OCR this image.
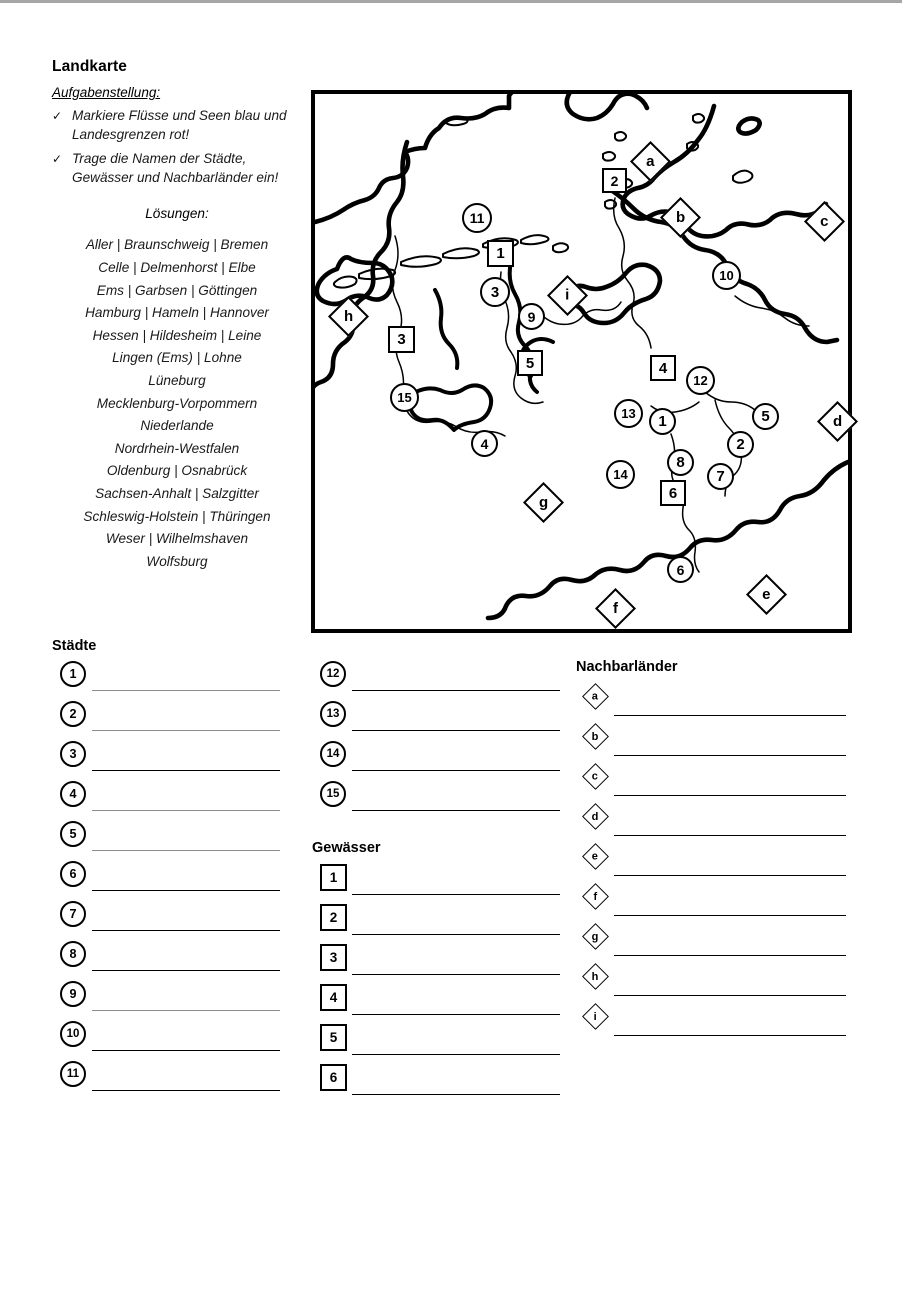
Landkarte
Aufgabenstellung:
✓ Markiere Flüsse und Seen blau und Landesgrenzen rot!
✓ Trage die Namen der Städte, Gewässer und Nachbarländer ein!
Lösungen:
Aller | Braunschweig | Bremen
Celle | Delmenhorst | Elbe
Ems | Garbsen | Göttingen
Hamburg | Hameln | Hannover
Hessen | Hildesheim | Leine
Lingen (Ems) | Lohne
Lüneburg
Mecklenburg-Vorpommern
Niederlande
Nordrhein-Westfalen
Oldenburg | Osnabrück
Sachsen-Anhalt | Salzgitter
Schleswig-Holstein | Thüringen
Weser | Wilhelmshaven
Wolfsburg
11
3
9
10
15
12
4
13 1	5
2
8
7
14
6
1
2
3
4
5
6
a
b	c
d
e
f
g
h
i
Städte
1
2
3
4
5
6
7
8
9
10
11
12
13
14
15
Gewässer
1
2
3
4
5
6
Nachbarländer
a
b
c
d
e
f
g
h
i
